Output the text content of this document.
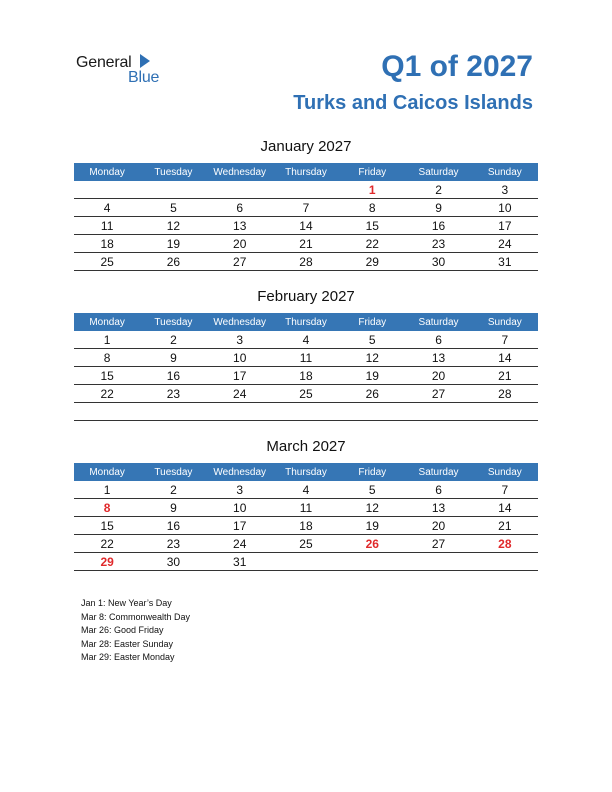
General
Blue	Q1 of 2027
Turks and Caicos Islands
January 2027
Monday	Tuesday	Wednesday	Thursday	Friday	Saturday	Sunday
				1	2	3
4	5	6	7	8	9	10
11	12	13	14	15	16	17
18	19	20	21	22	23	24
25	26	27	28	29	30	31
February 2027
Monday	Tuesday	Wednesday	Thursday	Friday	Saturday	Sunday
1	2	3	4	5	6	7
8	9	10	11	12	13	14
15	16	17	18	19	20	21
22	23	24	25	26	27	28

March 2027
Monday	Tuesday	Wednesday	Thursday	Friday	Saturday	Sunday
1	2	3	4	5	6	7
8	9	10	11	12	13	14
15	16	17	18	19	20	21
22	23	24	25	26	27	28
29	30	31				
Jan 1: New Year’s Day
Mar 8: Commonwealth Day
Mar 26: Good Friday
Mar 28: Easter Sunday
Mar 29: Easter Monday
